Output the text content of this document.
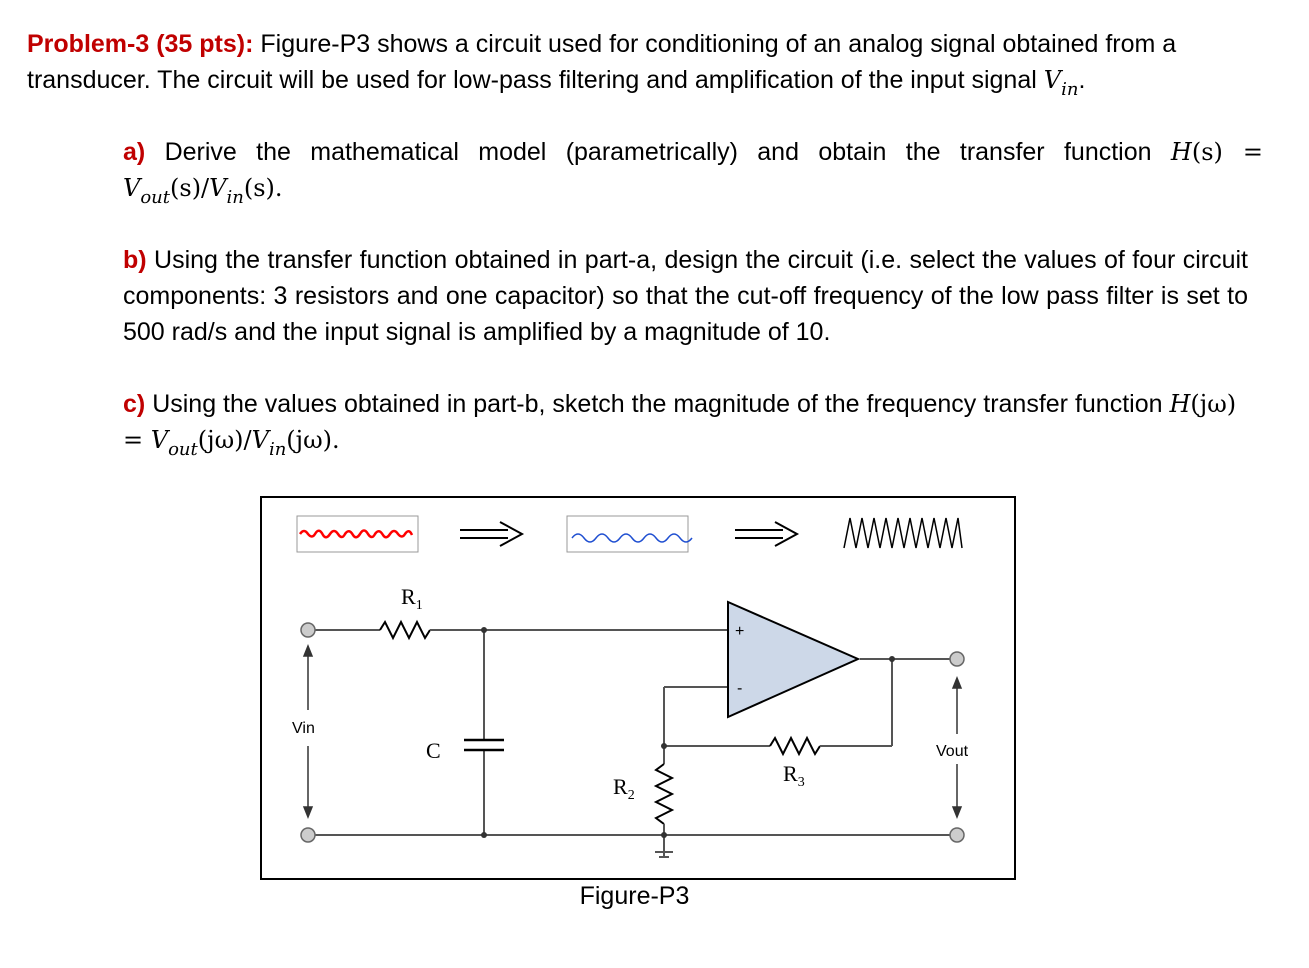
Problem-3 (35 pts): Figure-P3 shows a circuit used for conditioning of an analog signal obtained from a transducer. The circuit will be used for low-pass filtering and amplification of the input signal $V_{in}$.
a) Derive the mathematical model (parametrically) and obtain the transfer function $H(s) = V_{out}(s)/V_{in}(s)$.
b) Using the transfer function obtained in part-a, design the circuit (i.e. select the values of four circuit components: 3 resistors and one capacitor) so that the cut-off frequency of the low pass filter is set to 500 rad/s and the input signal is amplified by a magnitude of 10.
c) Using the values obtained in part-b, sketch the magnitude of the frequency transfer function $H(j\omega) = V_{out}(j\omega)/V_{in}(j\omega)$.
+
-
$R_1$
C
$R_2$
$R_3$
Vin
Vout
Figure-P3
